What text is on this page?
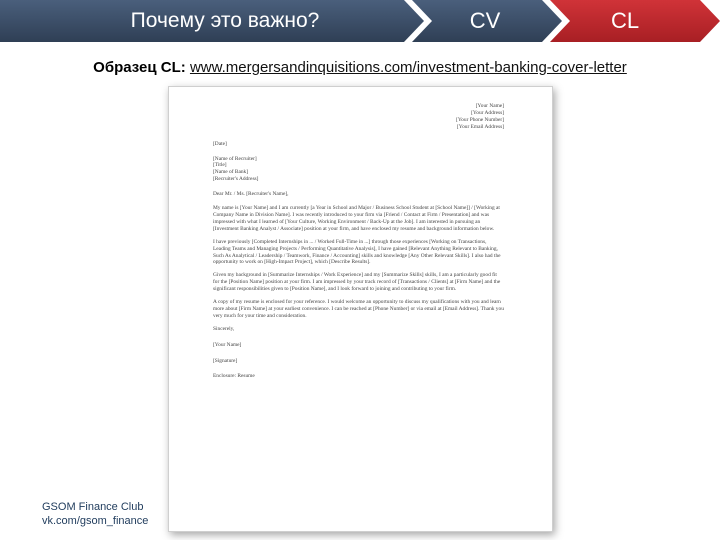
Почему это важно?	CV	CL
Образец CL: www.mergersandinquisitions.com/investment-banking-cover-letter
[Your Name]
[Your Address]
[Your Phone Number]
[Your Email Address]

[Date]

[Name of Recruiter]
[Title]
[Name of Bank]
[Recruiter's Address]

Dear Mr. / Ms. [Recruiter's Name],

My name is [Your Name] and I am currently [a Year in School and Major / Business School Student at [School Name]] / [Working at Company Name in Division Name]. I was recently introduced to your firm via [Friend / Contact at Firm / Presentation] and was impressed with what I learned of [Your Culture, Working Environment / Back-Up at the Job]. I am interested in pursuing an [Investment Banking Analyst / Associate] position at your firm, and have enclosed my resume and background information below.

I have previously [Completed Internships in ... / Worked Full-Time in ...] through those experiences [Working on Transactions, Leading Teams and Managing Projects / Performing Quantitative Analysis], I have gained [Relevant Anything Relevant to Banking, Such As Analytical / Leadership / Teamwork, Finance / Accounting] skills and knowledge [Any Other Relevant Skills]. I also had the opportunity to work on [High-Impact Project], which [Describe Results].

Given my background in [Summarize Internships / Work Experience] and my [Summarize Skills] skills, I am a particularly good fit for the [Position Name] position at your firm. I am impressed by your track record of [Transactions / Clients] at [Firm Name] and the significant responsibilities given to [Position Name], and I look forward to joining and contributing to your firm.

A copy of my resume is enclosed for your reference. I would welcome an opportunity to discuss my qualifications with you and learn more about [Firm Name] at your earliest convenience. I can be reached at [Phone Number] or via email at [Email Address]. Thank you very much for your time and consideration.

Sincerely,

[Your Name]

[Signature]

Enclosure: Resume

GSOM Finance Club
vk.com/gsom_finance
